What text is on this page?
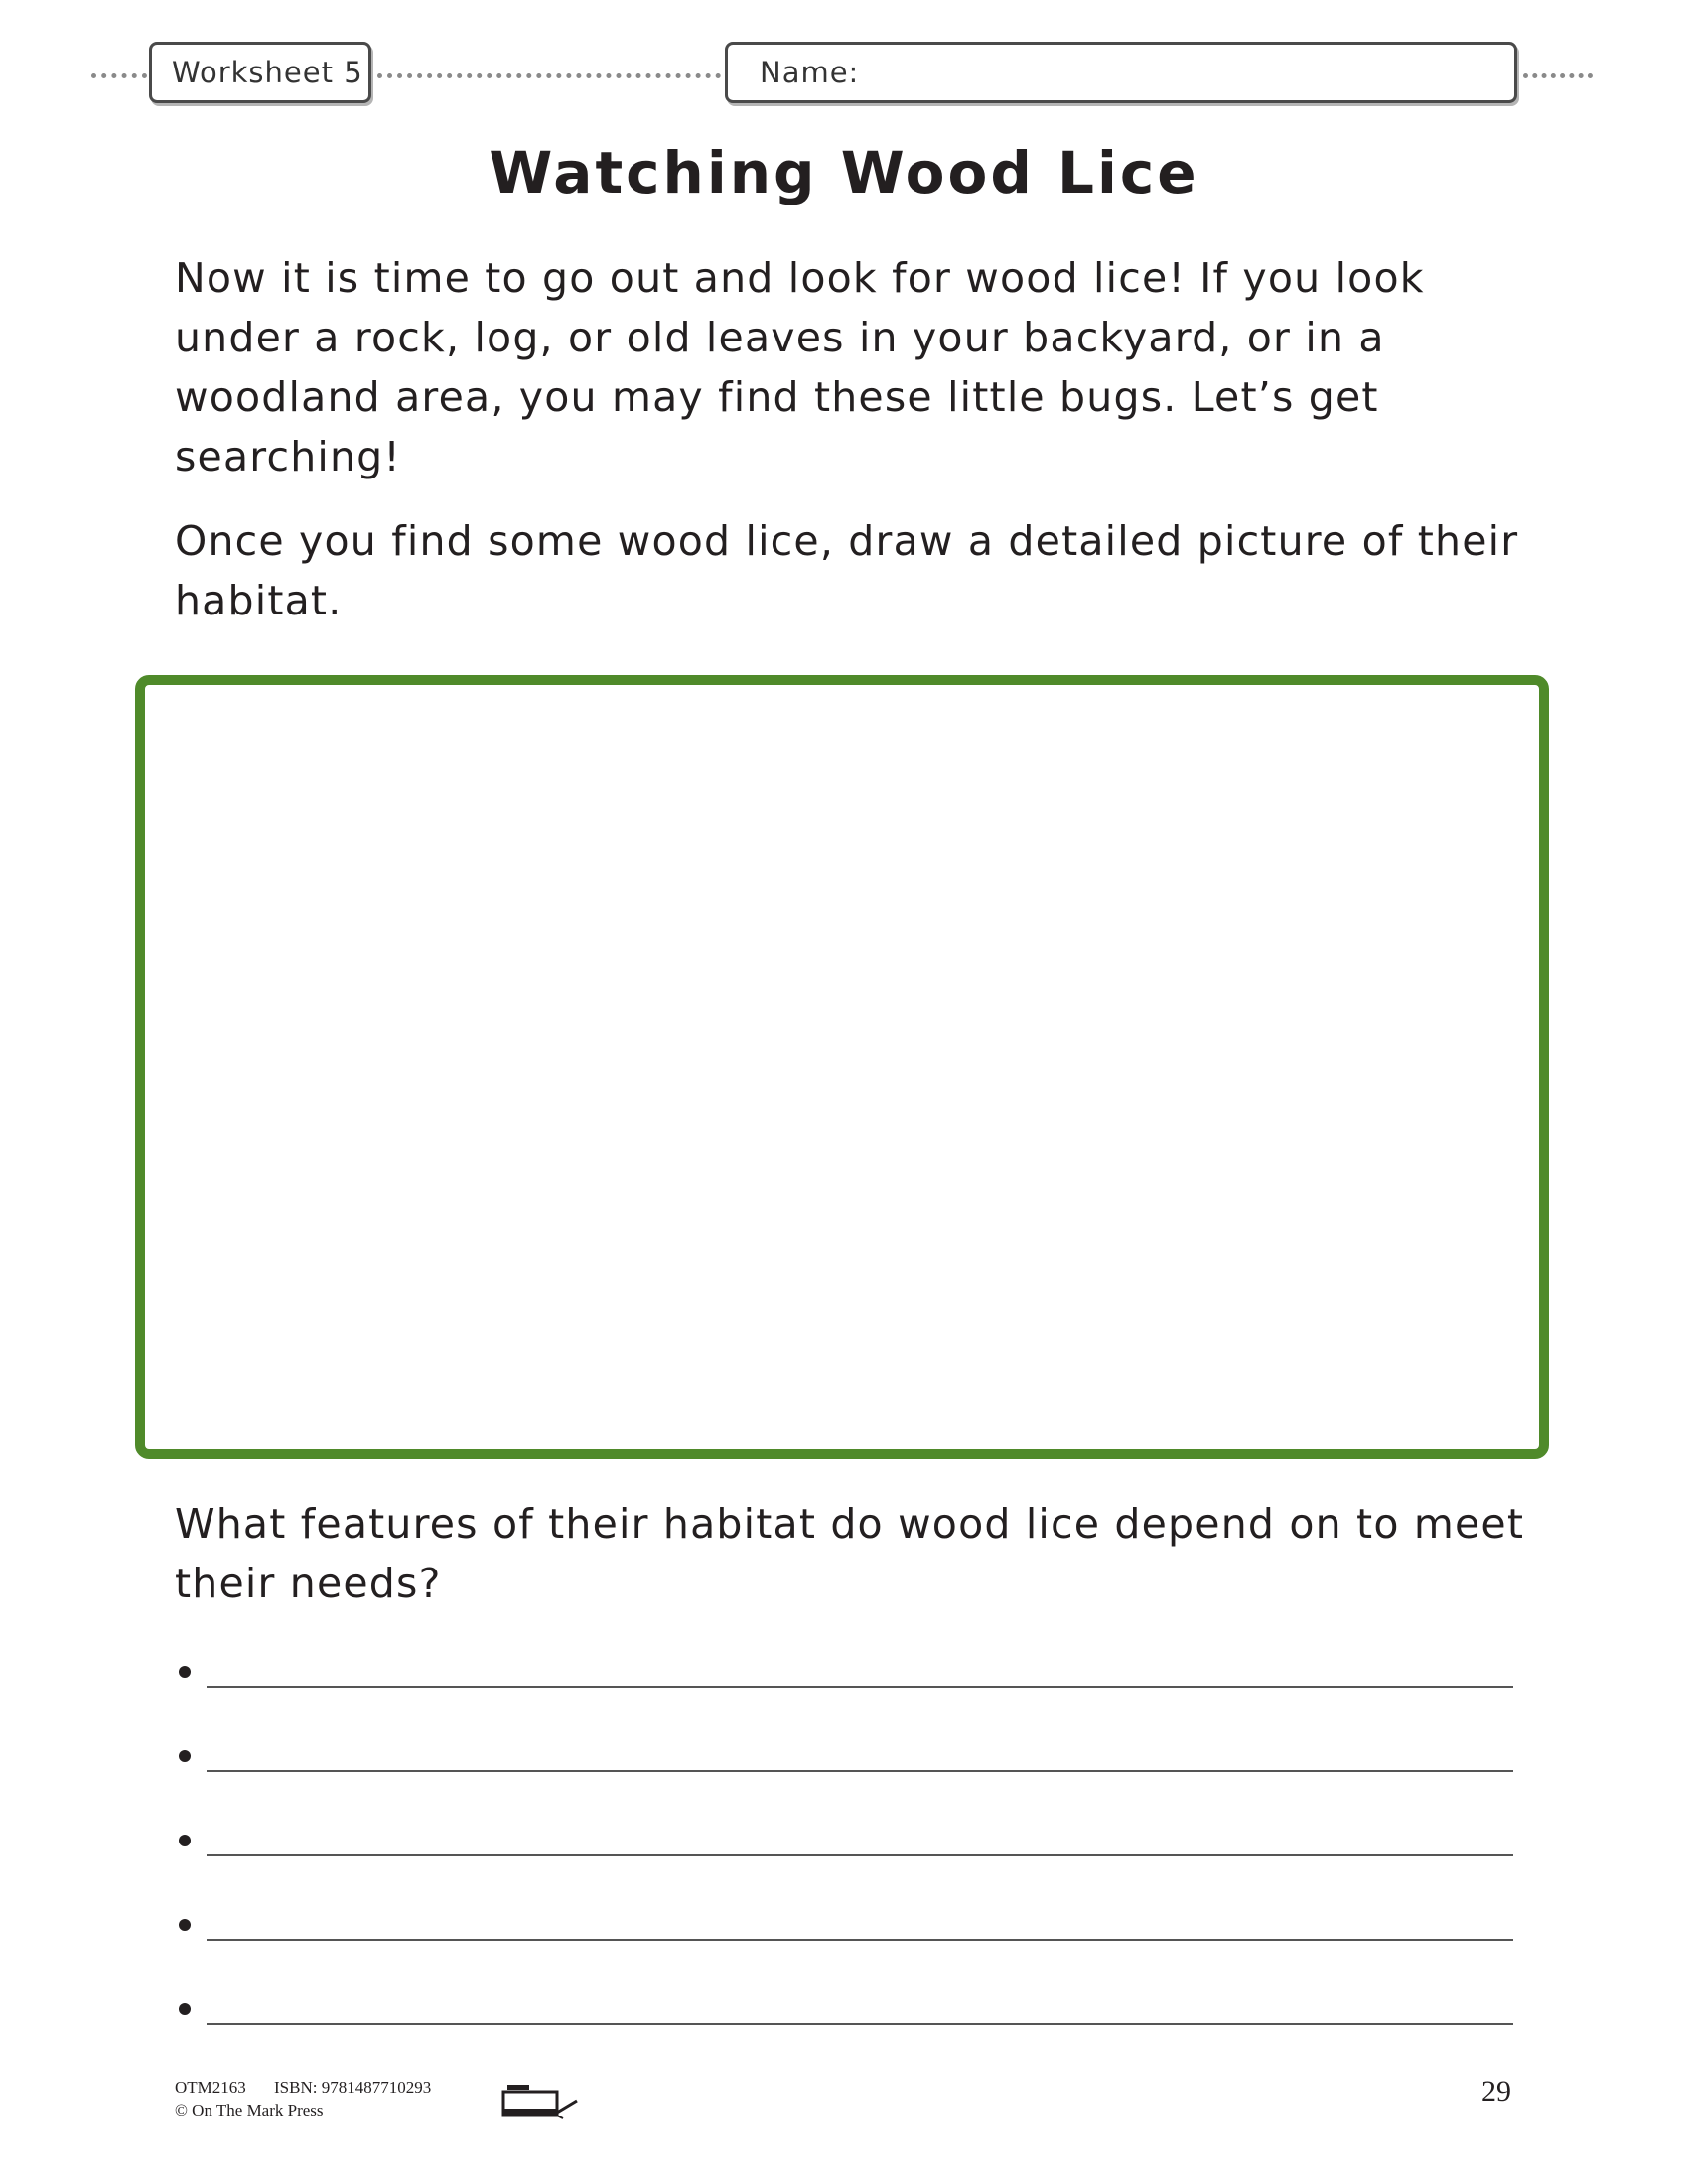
Worksheet 5	Name:
Watching Wood Lice

Now it is time to go out and look for wood lice! If you look under a rock, log, or old leaves in your backyard, or in a woodland area, you may find these little bugs. Let’s get searching!

Once you find some wood lice, draw a detailed picture of their habitat.

What features of their habitat do wood lice depend on to meet their needs?

OTM2163 ISBN: 9781487710293
© On The Mark Press
29
